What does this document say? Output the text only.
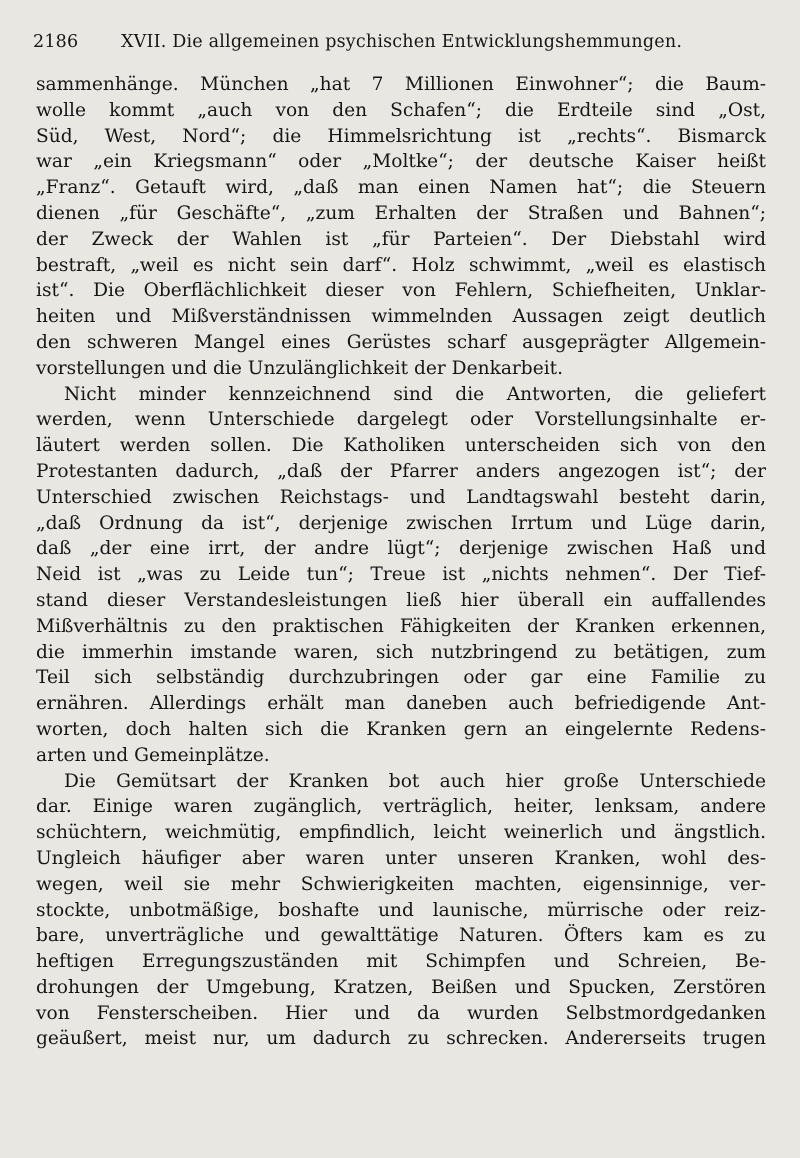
2186 XVII. Die allgemeinen psychischen Entwicklungshemmungen.
sammenhänge. München „hat 7 Millionen Einwohner“; die Baum-
wolle kommt „auch von den Schafen“; die Erdteile sind „Ost,
Süd, West, Nord“; die Himmelsrichtung ist „rechts“. Bismarck
war „ein Kriegsmann“ oder „Moltke“; der deutsche Kaiser heißt
„Franz“. Getauft wird, „daß man einen Namen hat“; die Steuern
dienen „für Geschäfte“, „zum Erhalten der Straßen und Bahnen“;
der Zweck der Wahlen ist „für Parteien“. Der Diebstahl wird
bestraft, „weil es nicht sein darf“. Holz schwimmt, „weil es elastisch
ist“. Die Oberflächlichkeit dieser von Fehlern, Schiefheiten, Unklar-
heiten und Mißverständnissen wimmelnden Aussagen zeigt deutlich
den schweren Mangel eines Gerüstes scharf ausgeprägter Allgemein-
vorstellungen und die Unzulänglichkeit der Denkarbeit.
Nicht minder kennzeichnend sind die Antworten, die geliefert
werden, wenn Unterschiede dargelegt oder Vorstellungsinhalte er-
läutert werden sollen. Die Katholiken unterscheiden sich von den
Protestanten dadurch, „daß der Pfarrer anders angezogen ist“; der
Unterschied zwischen Reichstags- und Landtagswahl besteht darin,
„daß Ordnung da ist“, derjenige zwischen Irrtum und Lüge darin,
daß „der eine irrt, der andre lügt“; derjenige zwischen Haß und
Neid ist „was zu Leide tun“; Treue ist „nichts nehmen“. Der Tief-
stand dieser Verstandesleistungen ließ hier überall ein auffallendes
Mißverhältnis zu den praktischen Fähigkeiten der Kranken erkennen,
die immerhin imstande waren, sich nutzbringend zu betätigen, zum
Teil sich selbständig durchzubringen oder gar eine Familie zu
ernähren. Allerdings erhält man daneben auch befriedigende Ant-
worten, doch halten sich die Kranken gern an eingelernte Redens-
arten und Gemeinplätze.
Die Gemütsart der Kranken bot auch hier große Unterschiede
dar. Einige waren zugänglich, verträglich, heiter, lenksam, andere
schüchtern, weichmütig, empfindlich, leicht weinerlich und ängstlich.
Ungleich häufiger aber waren unter unseren Kranken, wohl des-
wegen, weil sie mehr Schwierigkeiten machten, eigensinnige, ver-
stockte, unbotmäßige, boshafte und launische, mürrische oder reiz-
bare, unverträgliche und gewalttätige Naturen. Öfters kam es zu
heftigen Erregungszuständen mit Schimpfen und Schreien, Be-
drohungen der Umgebung, Kratzen, Beißen und Spucken, Zerstören
von Fensterscheiben. Hier und da wurden Selbstmordgedanken
geäußert, meist nur, um dadurch zu schrecken. Andererseits trugen
